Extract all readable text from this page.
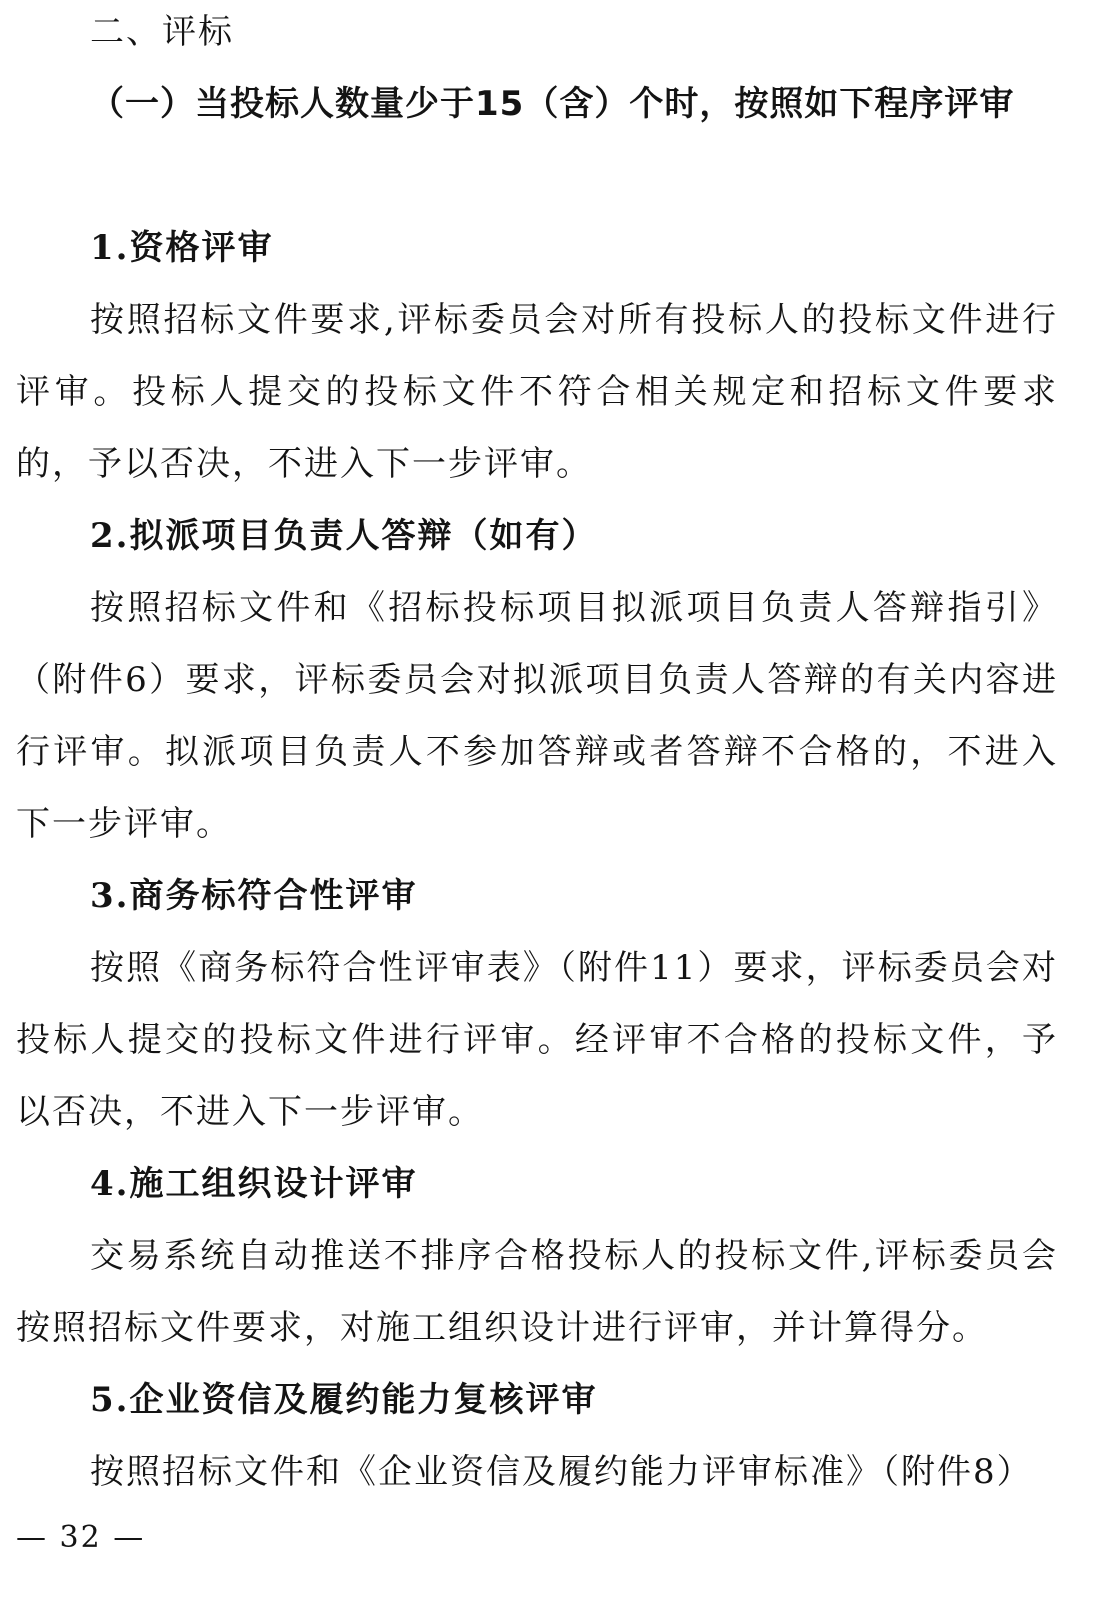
二、评标

（一）当投标人数量少于15（含）个时，按照如下程序评审

1.资格评审

按照招标文件要求,评标委员会对所有投标人的投标文件进行评审。投标人提交的投标文件不符合相关规定和招标文件要求的，予以否决，不进入下一步评审。

2.拟派项目负责人答辩（如有）

按照招标文件和《招标投标项目拟派项目负责人答辩指引》（附件6）要求，评标委员会对拟派项目负责人答辩的有关内容进行评审。拟派项目负责人不参加答辩或者答辩不合格的，不进入下一步评审。

3.商务标符合性评审

按照《商务标符合性评审表》（附件11）要求，评标委员会对投标人提交的投标文件进行评审。经评审不合格的投标文件，予以否决，不进入下一步评审。

4.施工组织设计评审

交易系统自动推送不排序合格投标人的投标文件,评标委员会按照招标文件要求，对施工组织设计进行评审，并计算得分。

5.企业资信及履约能力复核评审

按照招标文件和《企业资信及履约能力评审标准》（附件8）

— 32 —
